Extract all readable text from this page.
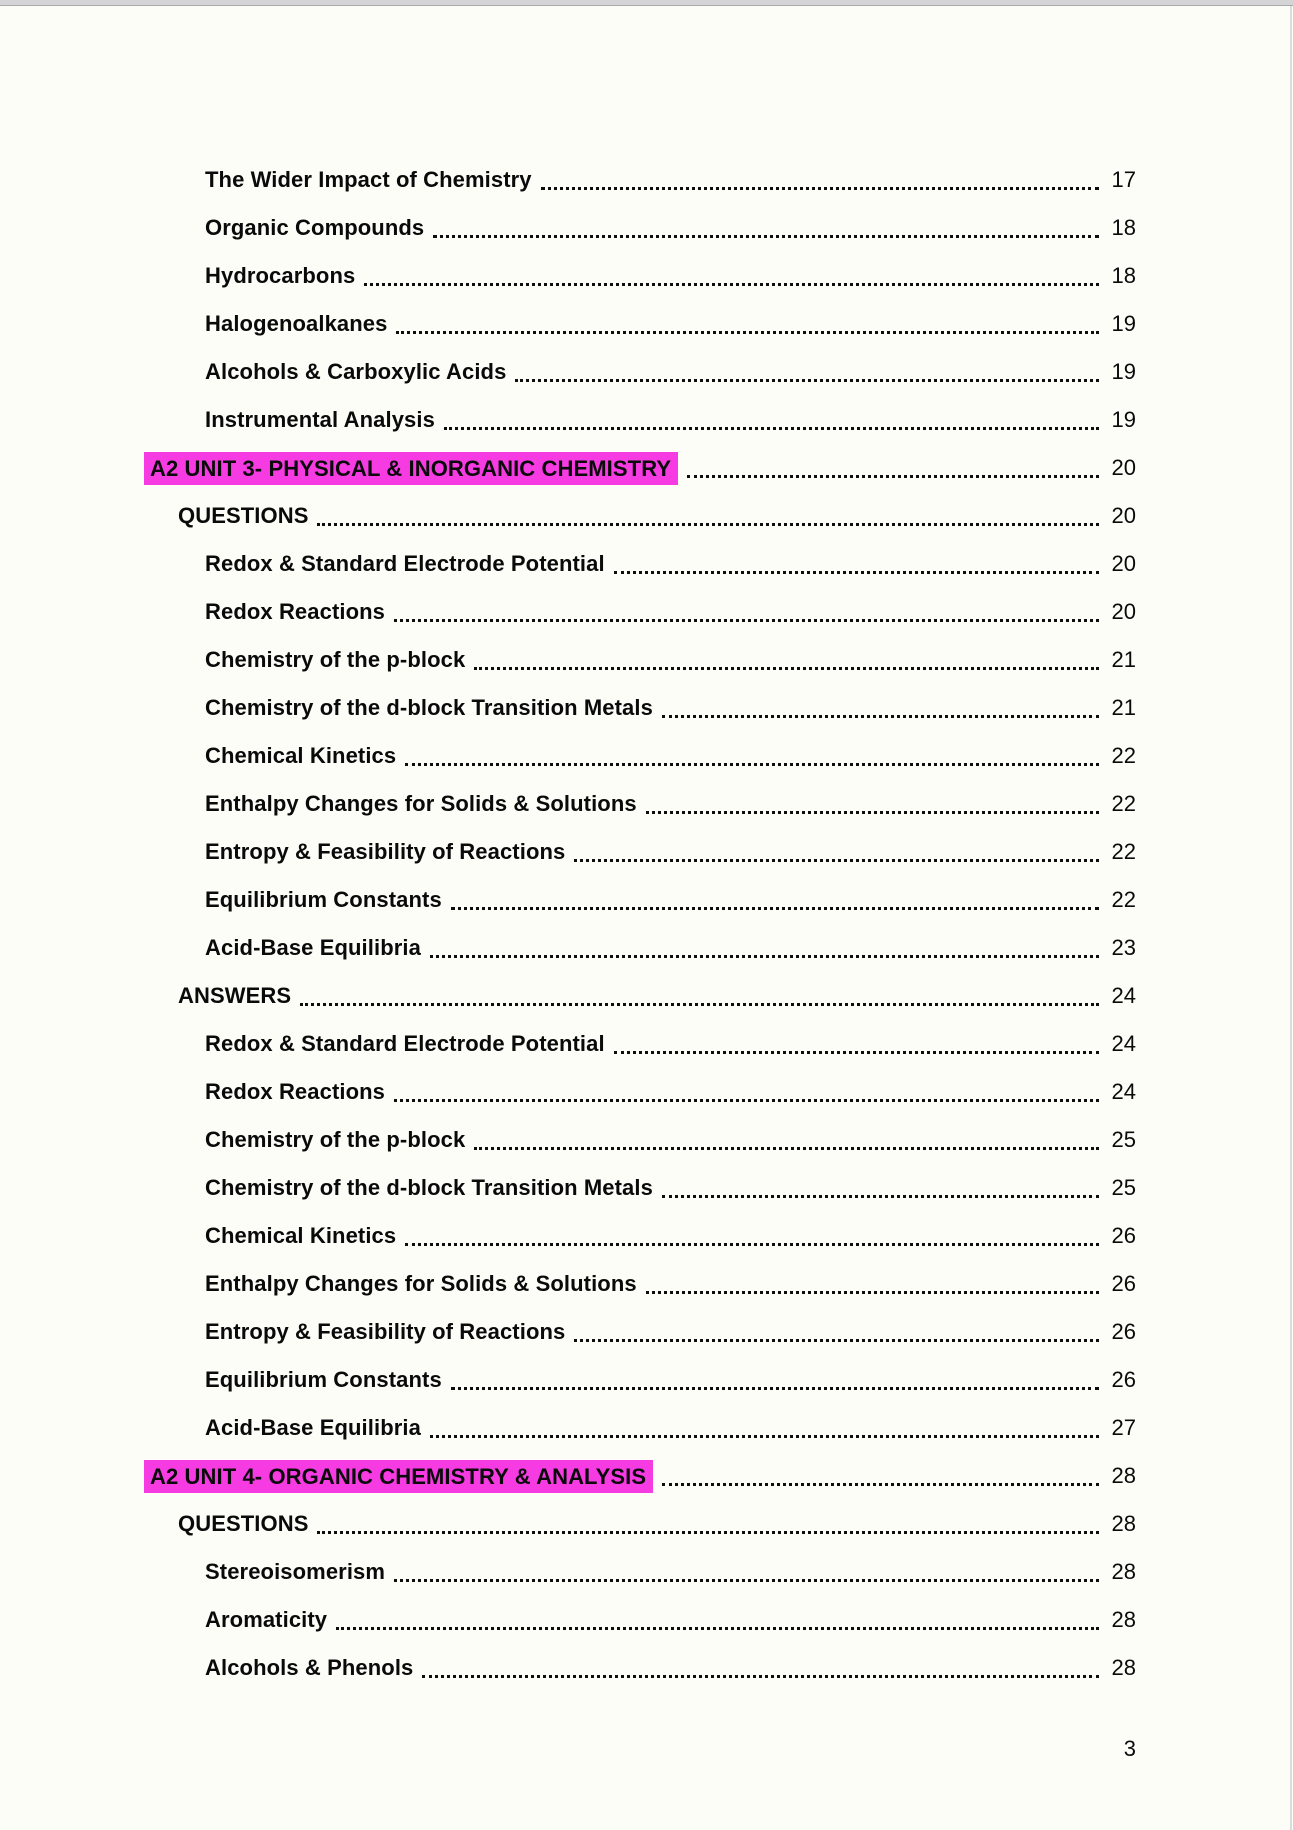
The Wider Impact of Chemistry	17
Organic Compounds	18
Hydrocarbons	18
Halogenoalkanes	19
Alcohols & Carboxylic Acids	19
Instrumental Analysis	19
A2 UNIT 3- PHYSICAL & INORGANIC CHEMISTRY	20
QUESTIONS	20
Redox & Standard Electrode Potential	20
Redox Reactions	20
Chemistry of the p-block	21
Chemistry of the d-block Transition Metals	21
Chemical Kinetics	22
Enthalpy Changes for Solids & Solutions	22
Entropy & Feasibility of Reactions	22
Equilibrium Constants	22
Acid-Base Equilibria	23
ANSWERS	24
Redox & Standard Electrode Potential	24
Redox Reactions	24
Chemistry of the p-block	25
Chemistry of the d-block Transition Metals	25
Chemical Kinetics	26
Enthalpy Changes for Solids & Solutions	26
Entropy & Feasibility of Reactions	26
Equilibrium Constants	26
Acid-Base Equilibria	27
A2 UNIT 4- ORGANIC CHEMISTRY & ANALYSIS	28
QUESTIONS	28
Stereoisomerism	28
Aromaticity	28
Alcohols & Phenols	28
3
